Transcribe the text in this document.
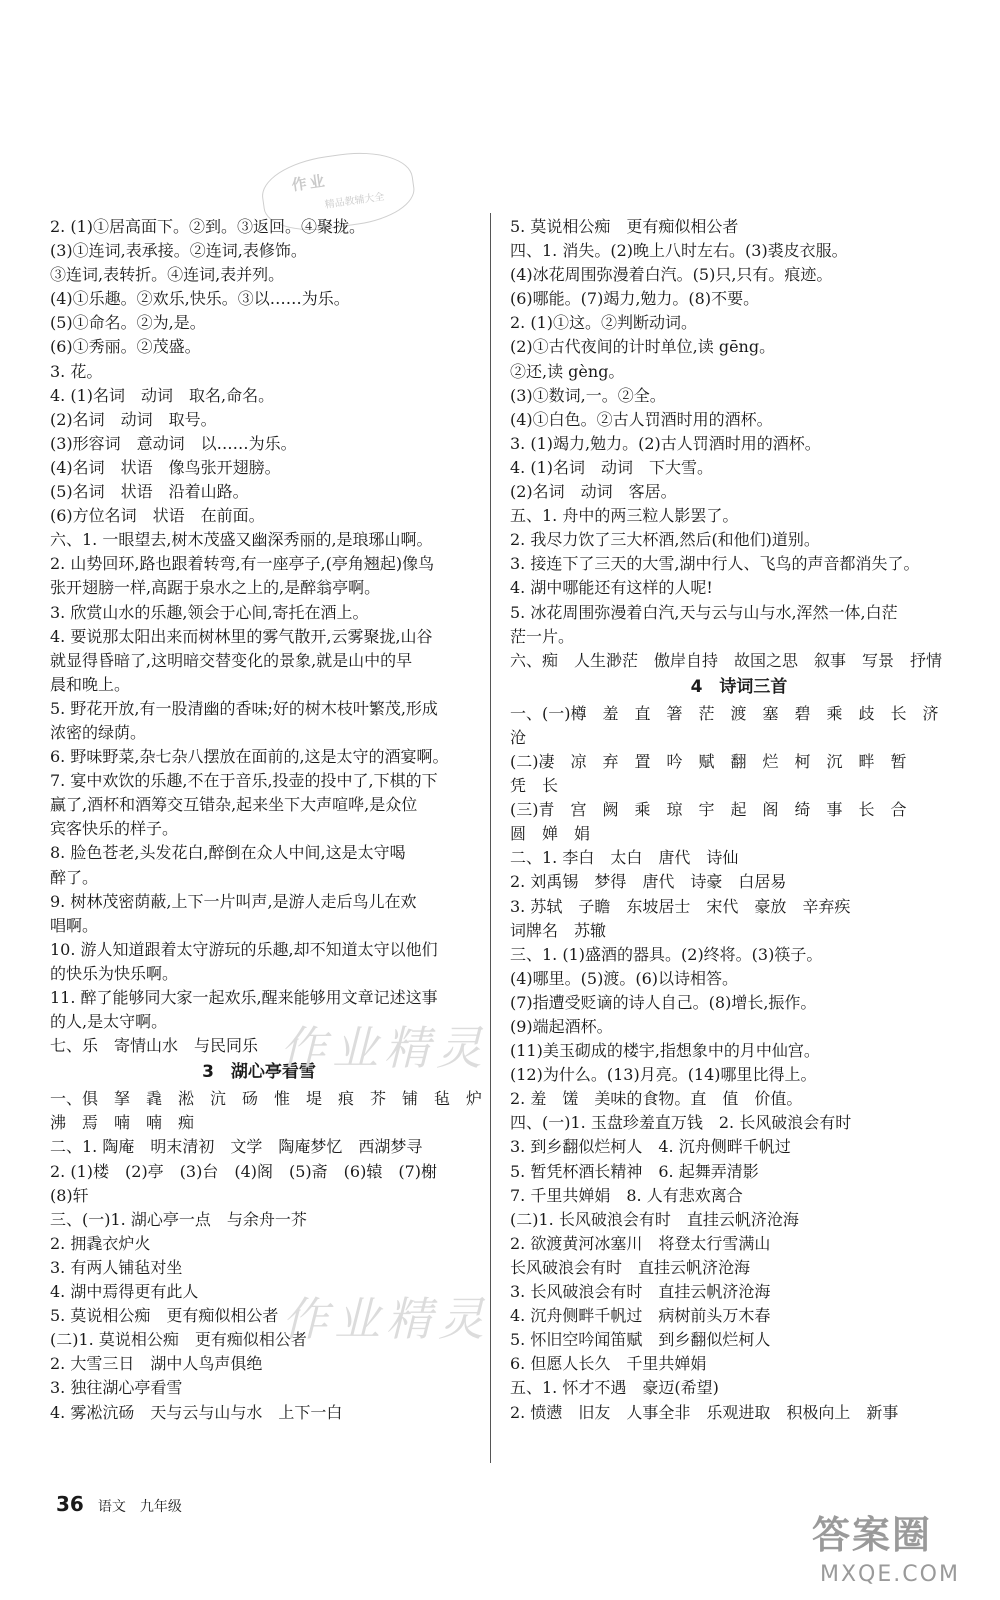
作业
精品教辅大全
2. (1)①居高面下。②到。③返回。④聚拢。
(3)①连词,表承接。②连词,表修饰。
③连词,表转折。④连词,表并列。
(4)①乐趣。②欢乐,快乐。③以……为乐。
(5)①命名。②为,是。
(6)①秀丽。②茂盛。
3. 花。
4. (1)名词　动词　取名,命名。
(2)名词　动词　取号。
(3)形容词　意动词　以……为乐。
(4)名词　状语　像鸟张开翅膀。
(5)名词　状语　沿着山路。
(6)方位名词　状语　在前面。
六、1. 一眼望去,树木茂盛又幽深秀丽的,是琅琊山啊。
2. 山势回环,路也跟着转弯,有一座亭子,(亭角翘起)像鸟
张开翅膀一样,高踞于泉水之上的,是醉翁亭啊。
3. 欣赏山水的乐趣,领会于心间,寄托在酒上。
4. 要说那太阳出来而树林里的雾气散开,云雾聚拢,山谷
就显得昏暗了,这明暗交替变化的景象,就是山中的早
晨和晚上。
5. 野花开放,有一股清幽的香味;好的树木枝叶繁茂,形成
浓密的绿荫。
6. 野味野菜,杂七杂八摆放在面前的,这是太守的酒宴啊。
7. 宴中欢饮的乐趣,不在于音乐,投壶的投中了,下棋的下
赢了,酒杯和酒筹交互错杂,起来坐下大声喧哗,是众位
宾客快乐的样子。
8. 脸色苍老,头发花白,醉倒在众人中间,这是太守喝
醉了。
9. 树林茂密荫蔽,上下一片叫声,是游人走后鸟儿在欢
唱啊。
10. 游人知道跟着太守游玩的乐趣,却不知道太守以他们
的快乐为快乐啊。
11. 醉了能够同大家一起欢乐,醒来能够用文章记述这事
的人,是太守啊。
七、乐　寄情山水　与民同乐
3　湖心亭看雪
一、俱　拏　毳　淞　沆　砀　惟　堤　痕　芥　铺　毡　炉
沸　焉　喃　喃　痴
二、1. 陶庵　明末清初　文学　陶庵梦忆　西湖梦寻
2. (1)楼　(2)亭　(3)台　(4)阁　(5)斋　(6)辕　(7)榭
(8)轩
三、(一)1. 湖心亭一点　与余舟一芥
2. 拥毳衣炉火
3. 有两人铺毡对坐
4. 湖中焉得更有此人
5. 莫说相公痴　更有痴似相公者
(二)1. 莫说相公痴　更有痴似相公者
2. 大雪三日　湖中人鸟声俱绝
3. 独往湖心亭看雪
4. 雾凇沆砀　天与云与山与水　上下一白
5. 莫说相公痴　更有痴似相公者
四、1. 消失。(2)晚上八时左右。(3)裘皮衣服。
(4)冰花周围弥漫着白汽。(5)只,只有。痕迹。
(6)哪能。(7)竭力,勉力。(8)不要。
2. (1)①这。②判断动词。
(2)①古代夜间的计时单位,读 gēng。
②还,读 gèng。
(3)①数词,一。②全。
(4)①白色。②古人罚酒时用的酒杯。
3. (1)竭力,勉力。(2)古人罚酒时用的酒杯。
4. (1)名词　动词　下大雪。
(2)名词　动词　客居。
五、1. 舟中的两三粒人影罢了。
2. 我尽力饮了三大杯酒,然后(和他们)道别。
3. 接连下了三天的大雪,湖中行人、飞鸟的声音都消失了。
4. 湖中哪能还有这样的人呢!
5. 冰花周围弥漫着白汽,天与云与山与水,浑然一体,白茫
茫一片。
六、痴　人生渺茫　傲岸自持　故国之思　叙事　写景　抒情
4　诗词三首
一、(一)樽　羞　直　箸　茫　渡　塞　碧　乘　歧　长　济
沧
(二)凄　凉　弃　置　吟　赋　翻　烂　柯　沉　畔　暂
凭　长
(三)青　宫　阙　乘　琼　宇　起　阁　绮　事　长　合
圆　婵　娟
二、1. 李白　太白　唐代　诗仙
2. 刘禹锡　梦得　唐代　诗豪　白居易
3. 苏轼　子瞻　东坡居士　宋代　豪放　辛弃疾
词牌名　苏辙
三、1. (1)盛酒的器具。(2)终将。(3)筷子。
(4)哪里。(5)渡。(6)以诗相答。
(7)指遭受贬谪的诗人自己。(8)增长,振作。
(9)端起酒杯。
(11)美玉砌成的楼宇,指想象中的月中仙宫。
(12)为什么。(13)月亮。(14)哪里比得上。
2. 羞　馐　美味的食物。直　值　价值。
四、(一)1. 玉盘珍羞直万钱　2. 长风破浪会有时
3. 到乡翻似烂柯人　4. 沉舟侧畔千帆过
5. 暂凭杯酒长精神　6. 起舞弄清影
7. 千里共婵娟　8. 人有悲欢离合
(二)1. 长风破浪会有时　直挂云帆济沧海
2. 欲渡黄河冰塞川　将登太行雪满山
长风破浪会有时　直挂云帆济沧海
3. 长风破浪会有时　直挂云帆济沧海
4. 沉舟侧畔千帆过　病树前头万木春
5. 怀旧空吟闻笛赋　到乡翻似烂柯人
6. 但愿人长久　千里共婵娟
五、1. 怀才不遇　豪迈(希望)
2. 愤懑　旧友　人事全非　乐观进取　积极向上　新事
作业精灵
作业精灵
36 语文 九年级
答案圈
MXQE.COM
